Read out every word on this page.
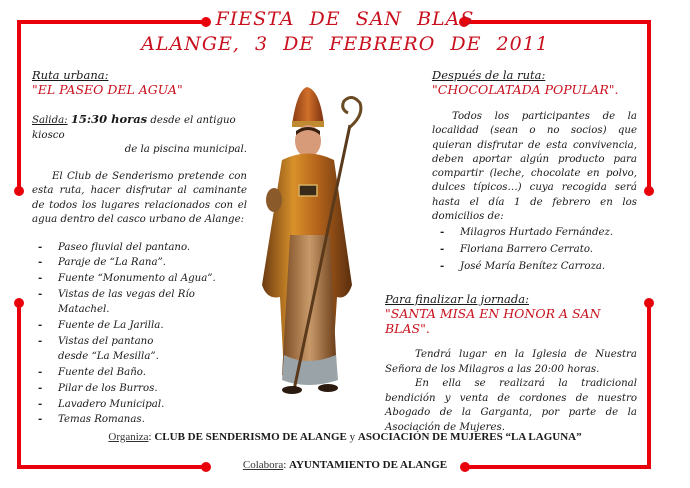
FIESTA DE SAN BLAS
ALANGE, 3 DE FEBRERO DE 2011
Ruta urbana:
"EL PASEO DEL AGUA"
Salida: 15:30 horas desde el antiguo kiosco
de la piscina municipal.
El Club de Senderismo pretende con esta ruta, hacer disfrutar al caminante de todos los lugares relacionados con el agua dentro del casco urbano de Alange:
- Paseo fluvial del pantano.
- Paraje de “La Rana”.
- Fuente “Monumento al Agua”.
- Vistas de las vegas del Río Matachel.
- Fuente de La Jarilla.
- Vistas del pantano desde “La Mesilla”.
- Fuente del Baño.
- Pilar de los Burros.
- Lavadero Municipal.
- Temas Romanas.
Después de la ruta:
"CHOCOLATADA POPULAR".
Todos los participantes de la localidad (sean o no socios) que quieran disfrutar de esta convivencia, deben aportar algún producto para compartir (leche, chocolate en polvo, dulces típicos…) cuya recogida será hasta el día 1 de febrero en los domicilios de:
- Milagros Hurtado Fernández.
- Floriana Barrero Cerrato.
- José María Benítez Carroza.
Para finalizar la jornada:
"SANTA MISA EN HONOR A SAN BLAS".
Tendrá lugar en la Iglesia de Nuestra Señora de los Milagros a las 20:00 horas.
En ella se realizará la tradicional bendición y venta de cordones de nuestro Abogado de la Garganta, por parte de la Asociación de Mujeres.
Organiza: CLUB DE SENDERISMO DE ALANGE y ASOCIACIÓN DE MUJERES “LA LAGUNA”
Colabora: AYUNTAMIENTO DE ALANGE
